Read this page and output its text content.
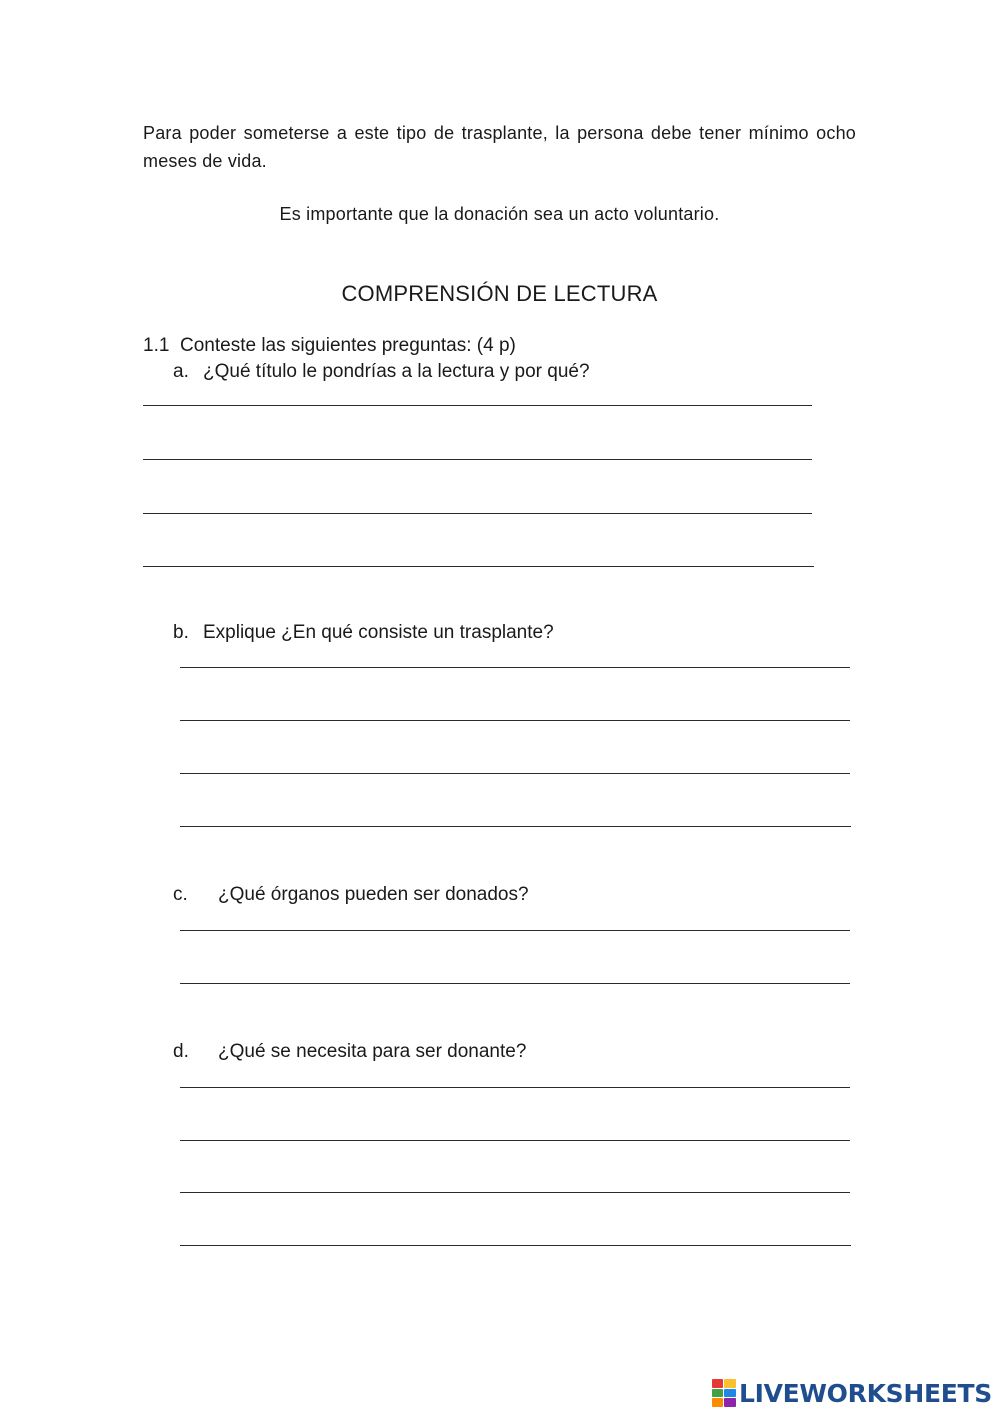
Para poder someterse a este tipo de trasplante, la persona debe tener mínimo ocho meses de vida.
Es importante que la donación sea un acto voluntario.
COMPRENSIÓN DE LECTURA
1.1 Conteste las siguientes preguntas: (4 p)
a. ¿Qué título le pondrías a la lectura y por qué?
b. Explique ¿En qué consiste un trasplante?
c. ¿Qué órganos pueden ser donados?
d. ¿Qué se necesita para ser donante?
LIVEWORKSHEETS
